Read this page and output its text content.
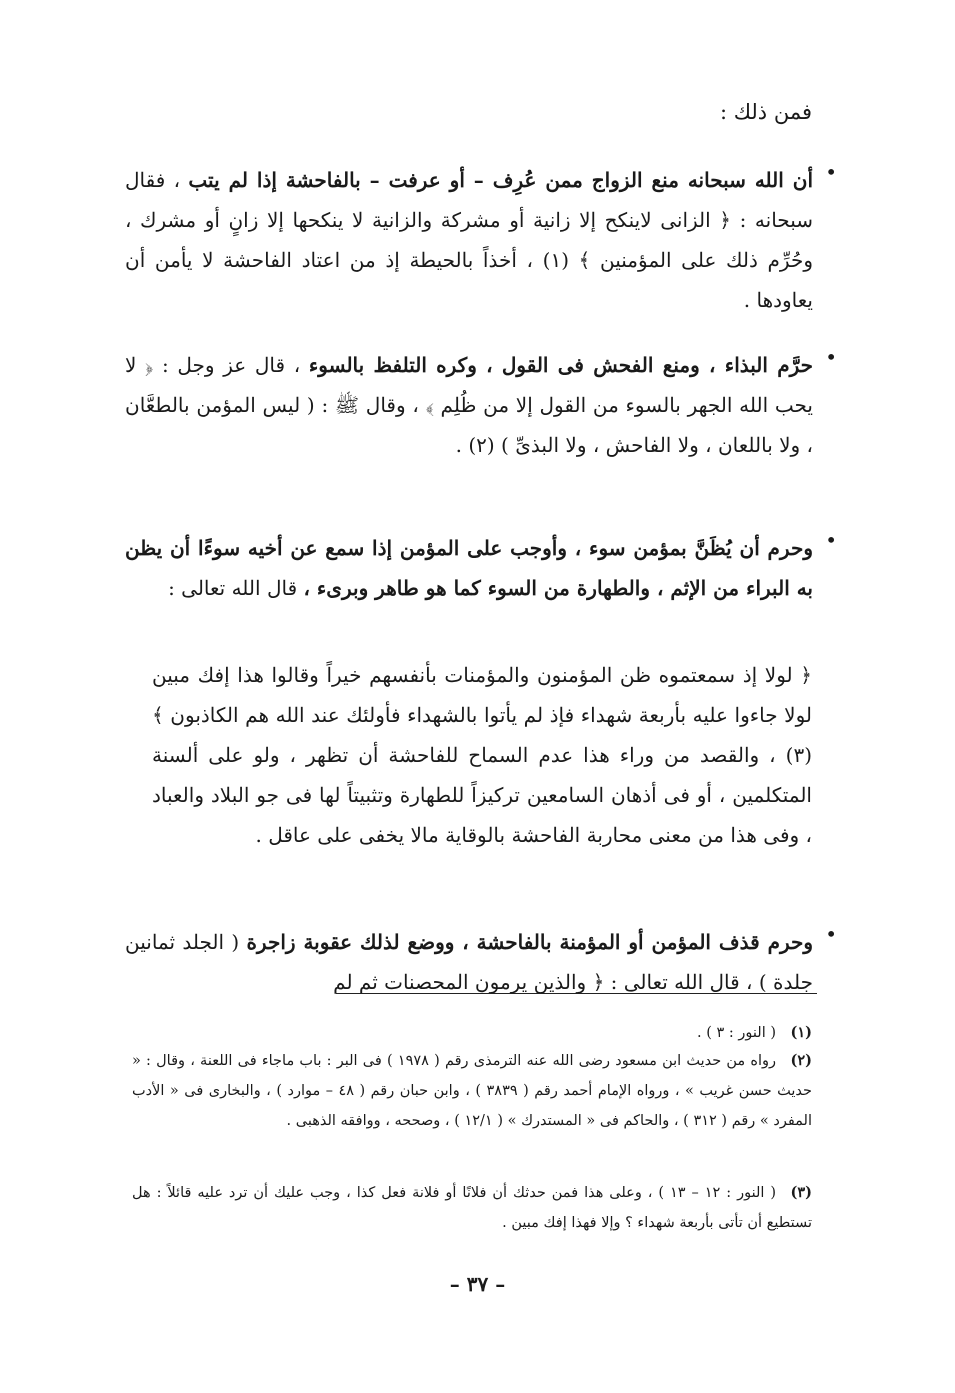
فمن ذلك :
•

أن الله سبحانه منع الزواج ممن عُرِف – أو عرفت – بالفاحشة إذا لم يتب ، فقال سبحانه : ﴿ الزانى لاينكح إلا زانية أو مشركة والزانية لا ينكحها إلا زانٍ أو مشرك ، وحُرِّم ذلك على المؤمنين ﴾ (١) ، أخذاً بالحيطة إذ من اعتاد الفاحشة لا يأمن أن يعاودها .

•

حرَّم البذاء ، ومنع الفحش فى القول ، وكره التلفظ بالسوء ، قال عز وجل : ﴿ لا يحب الله الجهر بالسوء من القول إلا من ظُلِم ﴾ ، وقال ﷺ : ( ليس المؤمن بالطعَّان ، ولا باللعان ، ولا الفاحش ، ولا البذىِّ ) (٢) .

•

وحرم أن يُظَنَّ بمؤمن سوء ، وأوجب على المؤمن إذا سمع عن أخيه سوءًا أن يظن به البراء من الإثم ، والطهارة من السوء كما هو طاهر وبرىء ، قال الله تعالى :

﴿ لولا إذ سمعتموه ظن المؤمنون والمؤمنات بأنفسهم خيراً وقالوا هذا إفك مبين لولا جاءوا عليه بأربعة شهداء فإذ لم يأتوا بالشهداء فأولئك عند الله هم الكاذبون ﴾ (٣) ، والقصد من وراء هذا عدم السماح للفاحشة أن تظهر ، ولو على ألسنة المتكلمين ، أو فى أذهان السامعين تركيزاً للطهارة وتثبيتاً لها فى جو البلاد والعباد ، وفى هذا من معنى محاربة الفاحشة بالوقاية مالا يخفى على عاقل .
•

وحرم قذف المؤمن أو المؤمنة بالفاحشة ، ووضع لذلك عقوبة زاجرة ( الجلد ثمانين جلدة ) ، قال الله تعالى : ﴿ والذين يرمون المحصنات ثم لم

(١)( النور : ٣ ) .
(٢)رواه من حديث ابن مسعود رضى الله عنه الترمذى رقم ( ١٩٧٨ ) فى البر : باب ماجاء فى اللعنة ، وقال : « حديث حسن غريب » ، ورواه الإمام أحمد رقم ( ٣٨٣٩ ) ، وابن حبان رقم ( ٤٨ – موارد ) ، والبخارى فى « الأدب المفرد » رقم ( ٣١٢ ) ، والحاكم فى « المستدرك » ( ١٢/١ ) ، وصححه ، ووافقه الذهبى .
(٣)( النور : ١٢ – ١٣ ) ، وعلى هذا فمن حدثك أن فلانًا أو فلانة فعل كذا ، وجب عليك أن ترد عليه قائلاً : هل تستطيع أن تأتى بأربعة شهداء ؟ وإلا فهذا إفك مبين .
– ٣٧ –
